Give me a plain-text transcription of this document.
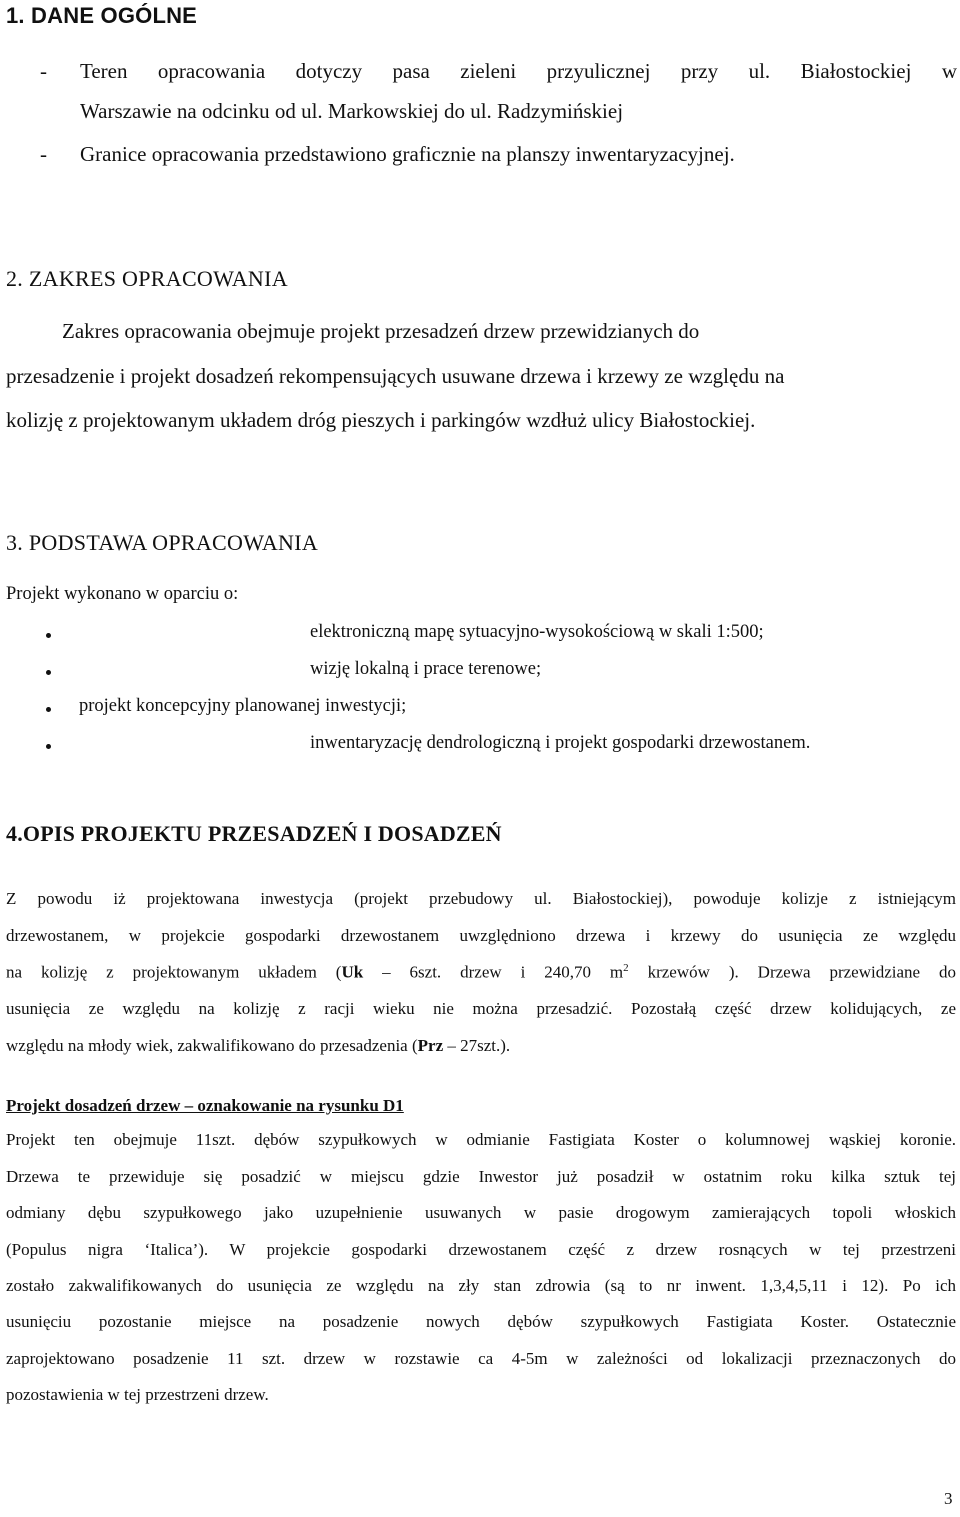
1. DANE OGÓLNE
- Teren opracowania dotyczy pasa zieleni przyulicznej przy ul. Białostockiej w
Warszawie na odcinku od ul. Markowskiej do ul. Radzymińskiej
- Granice opracowania przedstawiono graficznie na planszy inwentaryzacyjnej.
2. ZAKRES OPRACOWANIA
Zakres opracowania obejmuje projekt przesadzeń drzew przewidzianych do
przesadzenie i projekt dosadzeń rekompensujących usuwane drzewa i krzewy ze względu na
kolizję z projektowanym układem dróg pieszych i parkingów wzdłuż ulicy Białostockiej.
3. PODSTAWA OPRACOWANIA
Projekt wykonano w oparciu o:
elektroniczną mapę sytuacyjno-wysokościową w skali 1:500;
wizję lokalną i prace terenowe;
projekt koncepcyjny planowanej inwestycji;
inwentaryzację dendrologiczną i projekt gospodarki drzewostanem.
4.OPIS PROJEKTU PRZESADZEŃ I DOSADZEŃ
Z powodu iż projektowana inwestycja (projekt przebudowy ul. Białostockiej), powoduje kolizje z istniejącym
drzewostanem, w projekcie gospodarki drzewostanem uwzględniono drzewa i krzewy do usunięcia ze względu
na kolizję z projektowanym układem (Uk – 6szt. drzew i 240,70 $m^2$ krzewów ). Drzewa przewidziane do
usunięcia ze względu na kolizję z racji wieku nie można przesadzić. Pozostałą część drzew kolidujących, ze
względu na młody wiek, zakwalifikowano do przesadzenia (Prz – 27szt.).
Projekt dosadzeń drzew – oznakowanie na rysunku D1
Projekt ten obejmuje 11szt. dębów szypułkowych w odmianie Fastigiata Koster o kolumnowej wąskiej koronie.
Drzewa te przewiduje się posadzić w miejscu gdzie Inwestor już posadził w ostatnim roku kilka sztuk tej
odmiany dębu szypułkowego jako uzupełnienie usuwanych w pasie drogowym zamierających topoli włoskich
(Populus nigra ‘Italica’). W projekcie gospodarki drzewostanem część z drzew rosnących w tej przestrzeni
zostało zakwalifikowanych do usunięcia ze względu na zły stan zdrowia (są to nr inwent. 1,3,4,5,11 i 12). Po ich
usunięciu pozostanie miejsce na posadzenie nowych dębów szypułkowych Fastigiata Koster. Ostatecznie
zaprojektowano posadzenie 11 szt. drzew w rozstawie ca 4-5m w zależności od lokalizacji przeznaczonych do
pozostawienia w tej przestrzeni drzew.
3
